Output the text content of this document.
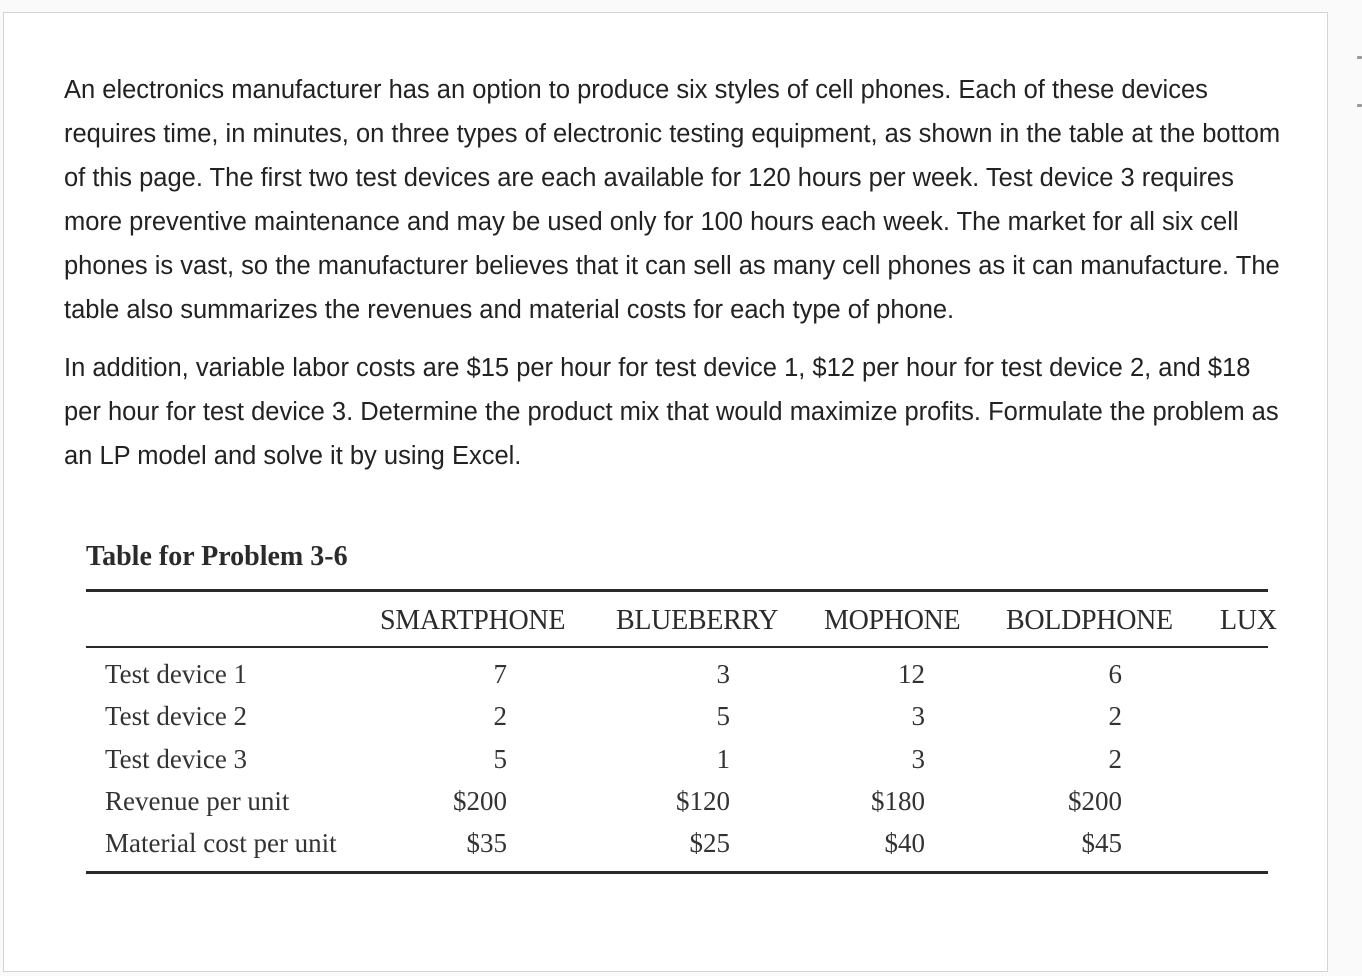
An electronics manufacturer has an option to produce six styles of cell phones. Each of these devices requires time, in minutes, on three types of electronic testing equipment, as shown in the table at the bottom of this page. The first two test devices are each available for 120 hours per week. Test device 3 requires more preventive maintenance and may be used only for 100 hours each week. The market for all six cell phones is vast, so the manufacturer believes that it can sell as many cell phones as it can manufacture. The table also summarizes the revenues and material costs for each type of phone.

In addition, variable labor costs are $15 per hour for test device 1, $12 per hour for test device 2, and $18 per hour for test device 3. Determine the product mix that would maximize profits. Formulate the problem as an LP model and solve it by using Excel.

Table for Problem 3-6
SMARTPHONE BLUEBERRY MOPHONE BOLDPHONE LUX
Test device 1	7	3	12	6
Test device 2	2	5	3	2
Test device 3	5	1	3	2
Revenue per unit	$200	$120	$180	$200
Material cost per unit	$35	$25	$40	$45
